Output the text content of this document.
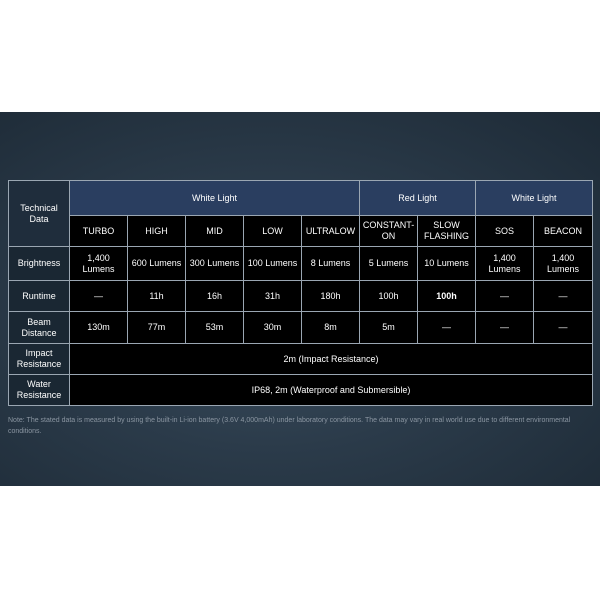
Technical Data	White Light					Red Light		White Light	
	TURBO	HIGH	MID	LOW	ULTRALOW	CONSTANT-ON	SLOW FLASHING	SOS	BEACON
Brightness	1,400 Lumens	600 Lumens	300 Lumens	100 Lumens	8 Lumens	5 Lumens	10 Lumens	1,400 Lumens	1,400 Lumens
Runtime	—	11h	16h	31h	180h	100h	100h	—	—
Beam Distance	130m	77m	53m	30m	8m	5m	—	—	—
Impact Resistance	2m (Impact Resistance)								
Water Resistance	IP68, 2m (Waterproof and Submersible)								
Note: The stated data is measured by using the built-in Li-ion battery (3.6V 4,000mAh) under laboratory conditions. The data may vary in real world use due to different environmental conditions.
